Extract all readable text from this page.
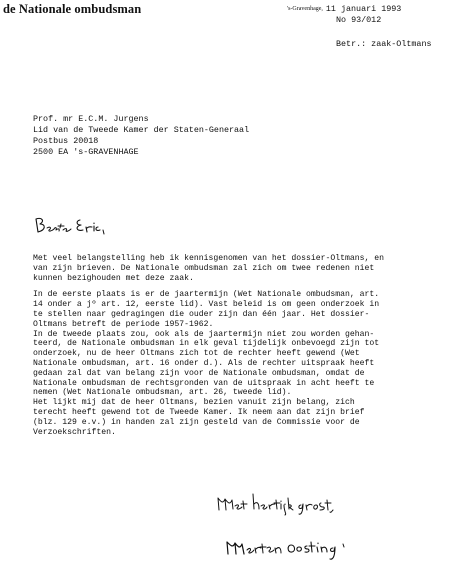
de Nationale ombudsman	's-Gravenhage, 11 januari 1993
No 93/012
Betr.: zaak-Oltmans
Prof. mr E.C.M. Jurgens
Lid van de Tweede Kamer der Staten-Generaal
Postbus 20018
2500 EA 's-GRAVENHAGE
Met veel belangstelling heb ik kennisgenomen van het dossier-Oltmans, en
van zijn brieven. De Nationale ombudsman zal zich om twee redenen niet
kunnen bezighouden met deze zaak.
In de eerste plaats is er de jaartermijn (Wet Nationale ombudsman, art.
14 onder a jº art. 12, eerste lid). Vast beleid is om geen onderzoek in
te stellen naar gedragingen die ouder zijn dan één jaar. Het dossier-
Oltmans betreft de periode 1957-1962.
In de tweede plaats zou, ook als de jaartermijn niet zou worden gehan-
teerd, de Nationale ombudsman in elk geval tijdelijk onbevoegd zijn tot
onderzoek, nu de heer Oltmans zich tot de rechter heeft gewend (Wet
Nationale ombudsman, art. 16 onder d.). Als de rechter uitspraak heeft
gedaan zal dat van belang zijn voor de Nationale ombudsman, omdat de
Nationale ombudsman de rechtsgronden van de uitspraak in acht heeft te
nemen (Wet Nationale ombudsman, art. 26, tweede lid).
Het lijkt mij dat de heer Oltmans, bezien vanuit zijn belang, zich
terecht heeft gewend tot de Tweede Kamer. Ik neem aan dat zijn brief
(blz. 129 e.v.) in handen zal zijn gesteld van de Commissie voor de
Verzoekschriften.
